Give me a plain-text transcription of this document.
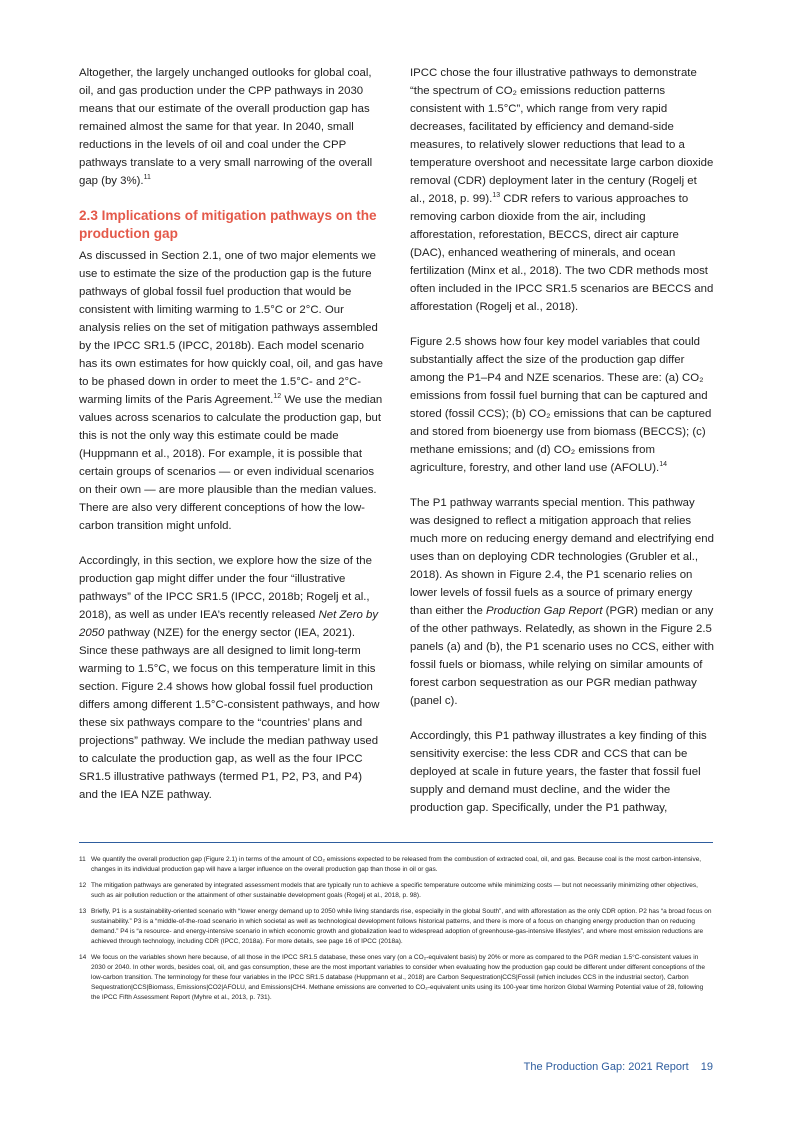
Altogether, the largely unchanged outlooks for global coal, oil, and gas production under the CPP pathways in 2030 means that our estimate of the overall production gap has remained almost the same for that year. In 2040, small reductions in the levels of oil and coal under the CPP pathways translate to a very small narrowing of the overall gap (by 3%).$^{11}$

2.3 Implications of mitigation pathways on the production gap

As discussed in Section 2.1, one of two major elements we use to estimate the size of the production gap is the future pathways of global fossil fuel production that would be consistent with limiting warming to 1.5°C or 2°C. Our analysis relies on the set of mitigation pathways assembled by the IPCC SR1.5 (IPCC, 2018b). Each model scenario has its own estimates for how quickly coal, oil, and gas have to be phased down in order to meet the 1.5°C- and 2°C-warming limits of the Paris Agreement.$^{12}$ We use the median values across scenarios to calculate the production gap, but this is not the only way this estimate could be made (Huppmann et al., 2018). For example, it is possible that certain groups of scenarios — or even individual scenarios on their own — are more plausible than the median values. There are also very different conceptions of how the low-carbon transition might unfold.

Accordingly, in this section, we explore how the size of the production gap might differ under the four “illustrative pathways” of the IPCC SR1.5 (IPCC, 2018b; Rogelj et al., 2018), as well as under IEA’s recently released Net Zero by 2050 pathway (NZE) for the energy sector (IEA, 2021). Since these pathways are all designed to limit long-term warming to 1.5°C, we focus on this temperature limit in this section. Figure 2.4 shows how global fossil fuel production differs among different 1.5°C-consistent pathways, and how these six pathways compare to the “countries’ plans and projections” pathway. We include the median pathway used to calculate the production gap, as well as the four IPCC SR1.5 illustrative pathways (termed P1, P2, P3, and P4) and the IEA NZE pathway.

IPCC chose the four illustrative pathways to demonstrate “the spectrum of CO₂ emissions reduction patterns consistent with 1.5°C”, which range from very rapid decreases, facilitated by efficiency and demand-side measures, to relatively slower reductions that lead to a temperature overshoot and necessitate large carbon dioxide removal (CDR) deployment later in the century (Rogelj et al., 2018, p. 99).$^{13}$ CDR refers to various approaches to removing carbon dioxide from the air, including afforestation, reforestation, BECCS, direct air capture (DAC), enhanced weathering of minerals, and ocean fertilization (Minx et al., 2018). The two CDR methods most often included in the IPCC SR1.5 scenarios are BECCS and afforestation (Rogelj et al., 2018).

Figure 2.5 shows how four key model variables that could substantially affect the size of the production gap differ among the P1–P4 and NZE scenarios. These are: (a) CO₂ emissions from fossil fuel burning that can be captured and stored (fossil CCS); (b) CO₂ emissions that can be captured and stored from bioenergy use from biomass (BECCS); (c) methane emissions; and (d) CO₂ emissions from agriculture, forestry, and other land use (AFOLU).$^{14}$

The P1 pathway warrants special mention. This pathway was designed to reflect a mitigation approach that relies much more on reducing energy demand and electrifying end uses than on deploying CDR technologies (Grubler et al., 2018). As shown in Figure 2.4, the P1 scenario relies on lower levels of fossil fuels as a source of primary energy than either the Production Gap Report (PGR) median or any of the other pathways. Relatedly, as shown in the Figure 2.5 panels (a) and (b), the P1 scenario uses no CCS, either with fossil fuels or biomass, while relying on similar amounts of forest carbon sequestration as our PGR median pathway (panel c).

Accordingly, this P1 pathway illustrates a key finding of this sensitivity exercise: the less CDR and CCS that can be deployed at scale in future years, the faster that fossil fuel supply and demand must decline, and the wider the production gap. Specifically, under the P1 pathway,

11 We quantify the overall production gap (Figure 2.1) in terms of the amount of CO₂ emissions expected to be released from the combustion of extracted coal, oil, and gas. Because coal is the most carbon-intensive, changes in its individual production gap will have a larger influence on the overall production gap than those in oil or gas.
12 The mitigation pathways are generated by integrated assessment models that are typically run to achieve a specific temperature outcome while minimizing costs — but not necessarily minimizing other objectives, such as air pollution reduction or the attainment of other sustainable development goals (Rogelj et al., 2018, p. 98).
13 Briefly, P1 is a sustainability-oriented scenario with “lower energy demand up to 2050 while living standards rise, especially in the global South”, and with afforestation as the only CDR option. P2 has “a broad focus on sustainability.” P3 is a “middle-of-the-road scenario in which societal as well as technological development follows historical patterns, and there is more of a focus on changing energy production than on reducing demand.” P4 is “a resource- and energy-intensive scenario in which economic growth and globalization lead to widespread adoption of greenhouse-gas-intensive lifestyles”, and where most emission reductions are achieved through technology, including CDR (IPCC, 2018a). For more details, see page 16 of IPCC (2018a).
14 We focus on the variables shown here because, of all those in the IPCC SR1.5 database, these ones vary (on a CO₂-equivalent basis) by 20% or more as compared to the PGR median 1.5°C-consistent values in 2030 or 2040. In other words, besides coal, oil, and gas consumption, these are the most important variables to consider when evaluating how the production gap could be different under different conceptions of the low-carbon transition. The terminology for these four variables in the IPCC SR1.5 database (Huppmann et al., 2018) are Carbon Sequestration|CCS|Fossil (which includes CCS in the industrial sector), Carbon Sequestration|CCS|Biomass, Emissions|CO2|AFOLU, and Emissions|CH4. Methane emissions are converted to CO₂-equivalent units using its 100-year time horizon Global Warming Potential value of 28, following the IPCC Fifth Assessment Report (Myhre et al., 2013, p. 731).
The Production Gap: 2021 Report 19
